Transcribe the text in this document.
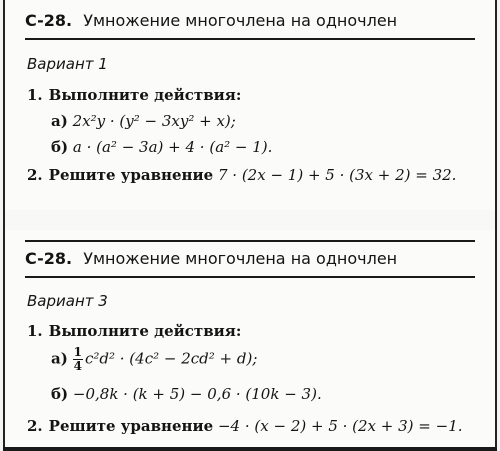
C-28. Умножение многочлена на одночлен
Вариант 1
1. Выполните действия:
а) 2x²y · (y² − 3xy² + x);
б) a · (a² − 3a) + 4 · (a² − 1).
2. Решите уравнение 7 · (2x − 1) + 5 · (3x + 2) = 32.
C-28. Умножение многочлена на одночлен
Вариант 3
1. Выполните действия:
$а) \frac{1}{4} c^2d^2 \cdot (4c^2 - 2cd^2 + d)$;
б) −0,8k · (k + 5) − 0,6 · (10k − 3).
2. Решите уравнение −4 · (x − 2) + 5 · (2x + 3) = −1.
